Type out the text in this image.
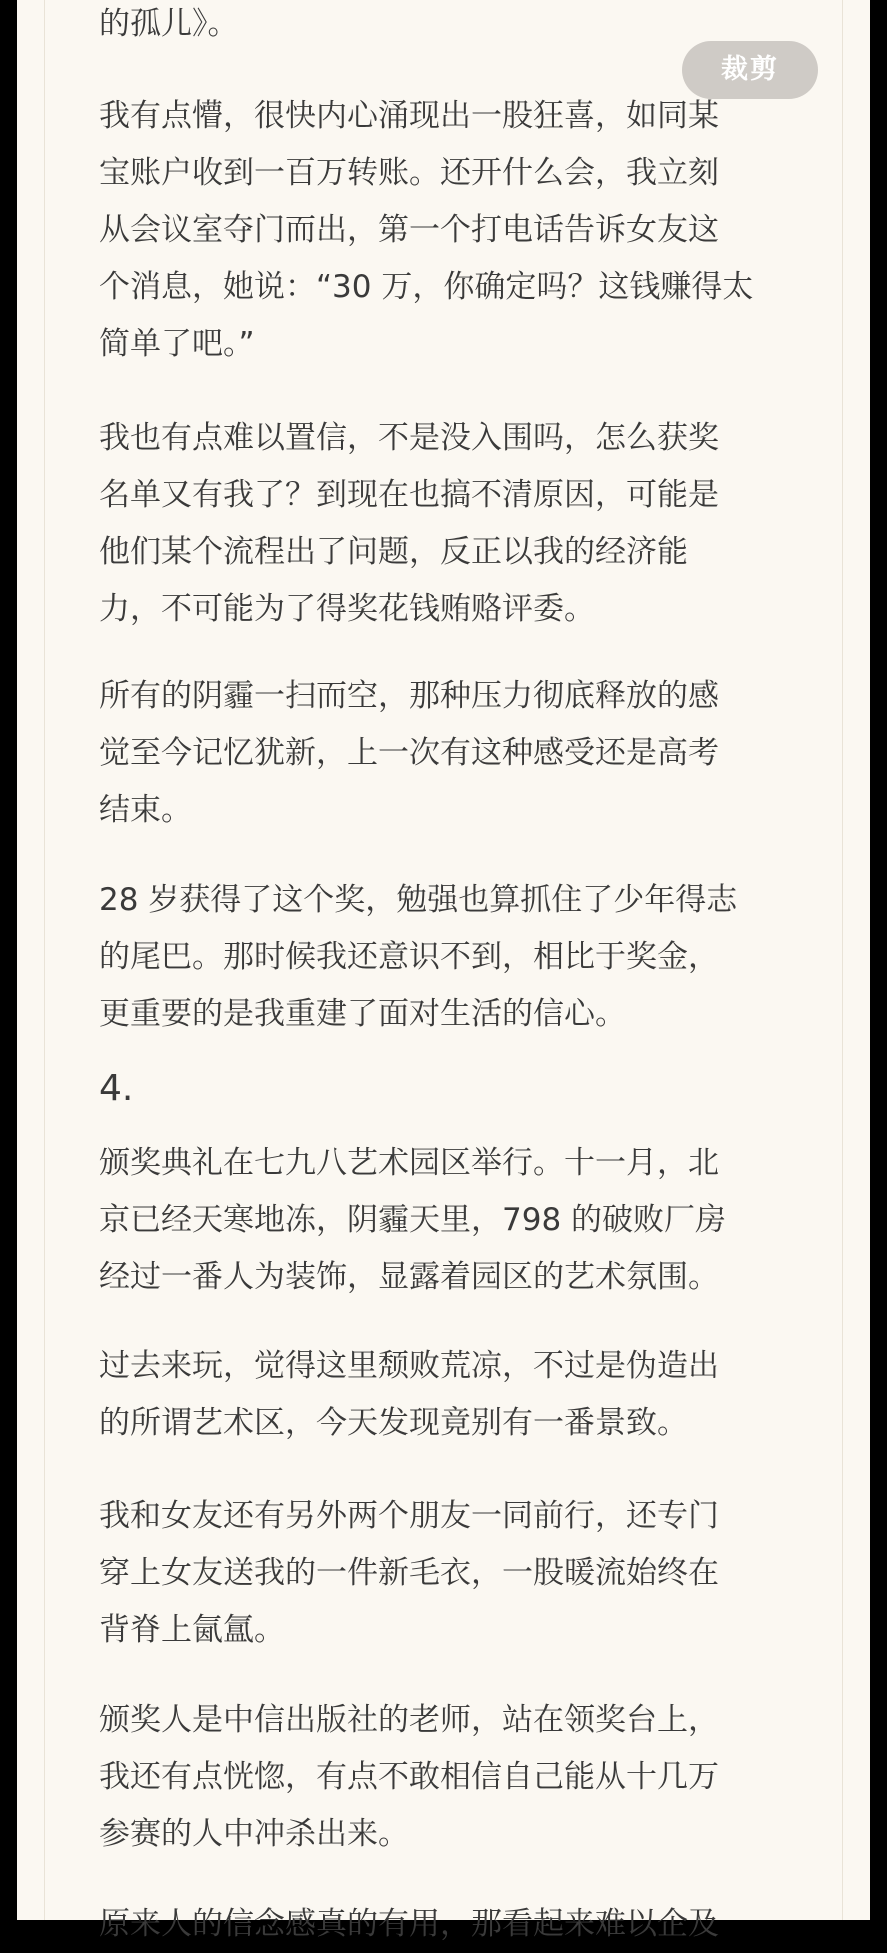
的孤儿》。

我有点懵，很快内心涌现出一股狂喜，如同某
宝账户收到一百万转账。还开什么会，我立刻
从会议室夺门而出，第一个打电话告诉女友这
个消息，她说：“30 万，你确定吗？这钱赚得太
简单了吧。”

我也有点难以置信，不是没入围吗，怎么获奖
名单又有我了？到现在也搞不清原因，可能是
他们某个流程出了问题，反正以我的经济能
力，不可能为了得奖花钱贿赂评委。

所有的阴霾一扫而空，那种压力彻底释放的感
觉至今记忆犹新，上一次有这种感受还是高考
结束。

28 岁获得了这个奖，勉强也算抓住了少年得志
的尾巴。那时候我还意识不到，相比于奖金，
更重要的是我重建了面对生活的信心。

4.

颁奖典礼在七九八艺术园区举行。十一月，北
京已经天寒地冻，阴霾天里，798 的破败厂房
经过一番人为装饰，显露着园区的艺术氛围。

过去来玩，觉得这里颓败荒凉，不过是伪造出
的所谓艺术区，今天发现竟别有一番景致。

我和女友还有另外两个朋友一同前行，还专门
穿上女友送我的一件新毛衣，一股暖流始终在
背脊上氤氲。

颁奖人是中信出版社的老师，站在领奖台上，
我还有点恍惚，有点不敢相信自己能从十几万
参赛的人中冲杀出来。

原来人的信念感真的有用，那看起来难以企及

裁剪
